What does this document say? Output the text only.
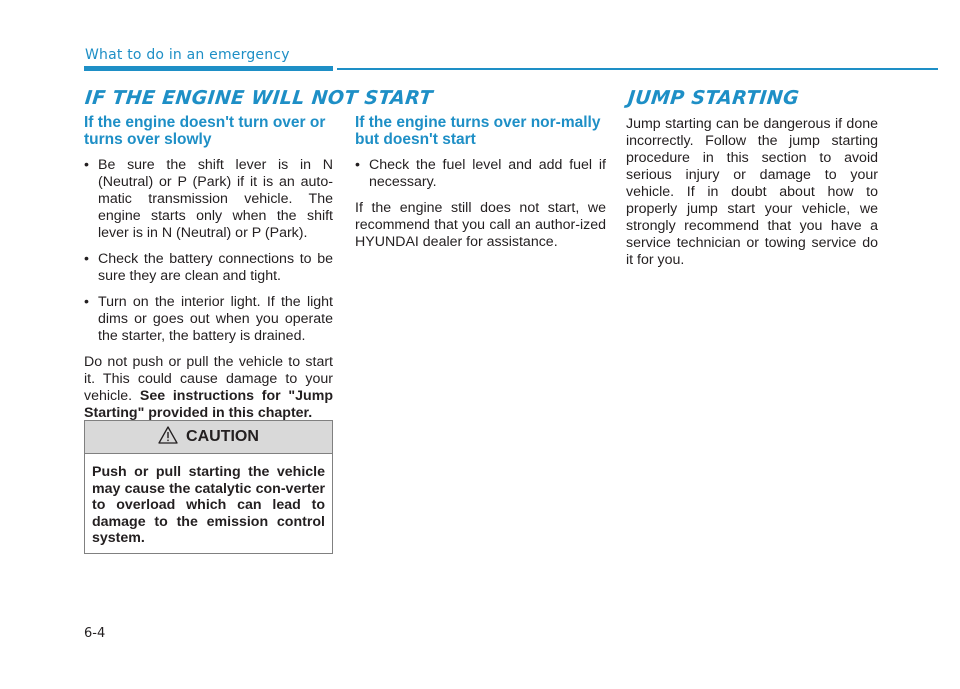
What to do in an emergency
IF THE ENGINE WILL NOT START	JUMP STARTING
If the engine doesn't turn over or turns over slowly
• Be sure the shift lever is in N (Neutral) or P (Park) if it is an auto-matic transmission vehicle. The engine starts only when the shift lever is in N (Neutral) or P (Park).
• Check the battery connections to be sure they are clean and tight.
• Turn on the interior light. If the light dims or goes out when you operate the starter, the battery is drained.

Do not push or pull the vehicle to start it. This could cause damage to your vehicle. See instructions for "Jump Starting" provided in this chapter.

CAUTION
Push or pull starting the vehicle may cause the catalytic con-verter to overload which can lead to damage to the emission control system.
If the engine turns over nor-mally but doesn't start
• Check the fuel level and add fuel if necessary.

If the engine still does not start, we recommend that you call an author-ized HYUNDAI dealer for assistance.

Jump starting can be dangerous if done incorrectly. Follow the jump starting procedure in this section to avoid serious injury or damage to your vehicle. If in doubt about how to properly jump start your vehicle, we strongly recommend that you have a service technician or towing service do it for you.

6-4
